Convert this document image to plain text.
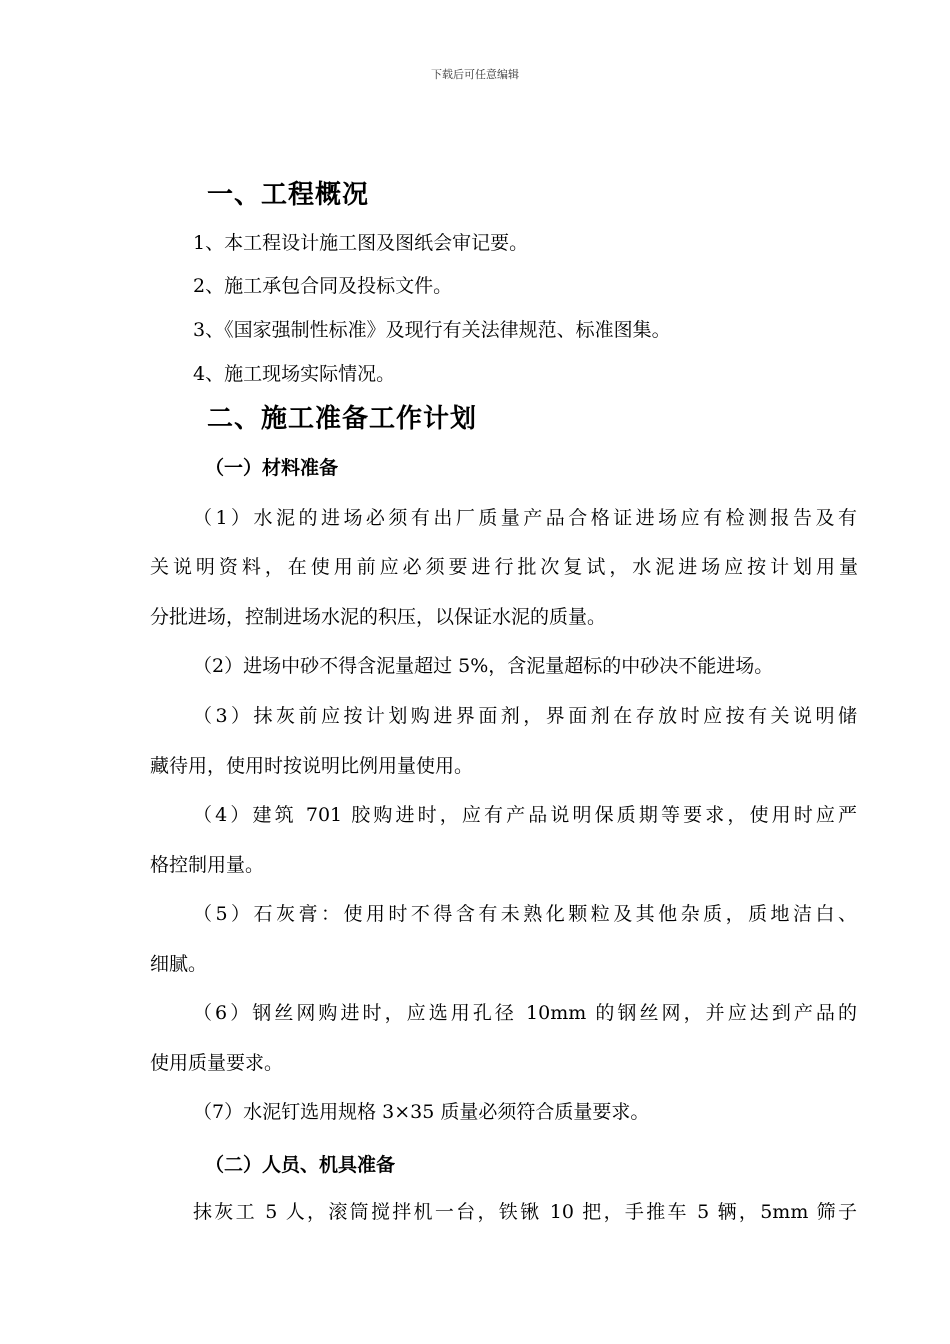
下载后可任意编辑
一、工程概况
1、本工程设计施工图及图纸会审记要。
2、施工承包合同及投标文件。
3、《国家强制性标准》及现行有关法律规范、标准图集。
4、施工现场实际情况。
二、施工准备工作计划
（一）材料准备
（1）水泥的进场必须有出厂质量产品合格证进场应有检测报告及有
关说明资料，在使用前应必须要进行批次复试，水泥进场应按计划用量
分批进场，控制进场水泥的积压，以保证水泥的质量。
（2）进场中砂不得含泥量超过 5%，含泥量超标的中砂决不能进场。
（3）抹灰前应按计划购进界面剂，界面剂在存放时应按有关说明储
藏待用，使用时按说明比例用量使用。
（4）建筑 701 胶购进时，应有产品说明保质期等要求，使用时应严
格控制用量。
（5）石灰膏：使用时不得含有未熟化颗粒及其他杂质，质地洁白、
细腻。
（6）钢丝网购进时，应选用孔径 10mm 的钢丝网，并应达到产品的
使用质量要求。
（7）水泥钉选用规格 3×35 质量必须符合质量要求。
（二）人员、机具准备
抹灰工 5 人，滚筒搅拌机一台，铁锹 10 把，手推车 5 辆，5mm 筛子
